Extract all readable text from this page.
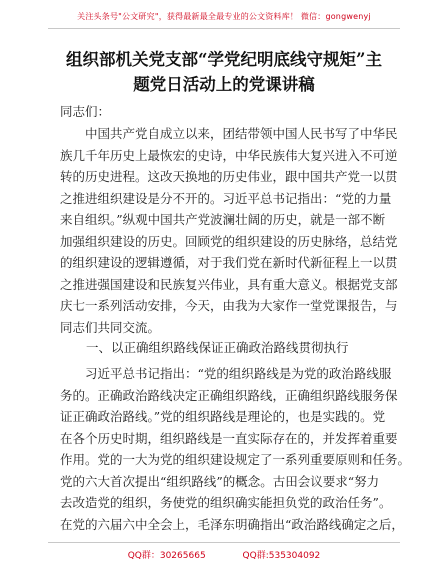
关注头条号"公文研究"，获得最新最全最专业的公文资料库！ 微信：gongwenyj
组织部机关党支部“学党纪明底线守规矩”主
题党日活动上的党课讲稿
同志们：
　　中国共产党自成立以来，团结带领中国人民书写了中华民
族几千年历史上最恢宏的史诗，中华民族伟大复兴进入不可逆
转的历史进程。这改天换地的历史伟业，跟中国共产党一以贯
之推进组织建设是分不开的。习近平总书记指出：“党的力量
来自组织。”纵观中国共产党波澜壮阔的历史，就是一部不断
加强组织建设的历史。回顾党的组织建设的历史脉络，总结党
的组织建设的逻辑遵循，对于我们党在新时代新征程上一以贯
之推进强国建设和民族复兴伟业，具有重大意义。根据党支部
庆七一系列活动安排，今天，由我为大家作一堂党课报告，与
同志们共同交流。
一、以正确组织路线保证正确政治路线贯彻执行
　　习近平总书记指出：“党的组织路线是为党的政治路线服
务的。正确政治路线决定正确组织路线，正确组织路线服务保
证正确政治路线。”党的组织路线是理论的，也是实践的。党
在各个历史时期，组织路线是一直实际存在的，并发挥着重要
作用。党的一大为党的组织建设规定了一系列重要原则和任务。
党的六大首次提出“组织路线”的概念。古田会议要求“努力
去改造党的组织，务使党的组织确实能担负党的政治任务”。
在党的六届六中全会上，毛泽东明确指出“政治路线确定之后，
QQ群：30265665	QQ群:535304092
